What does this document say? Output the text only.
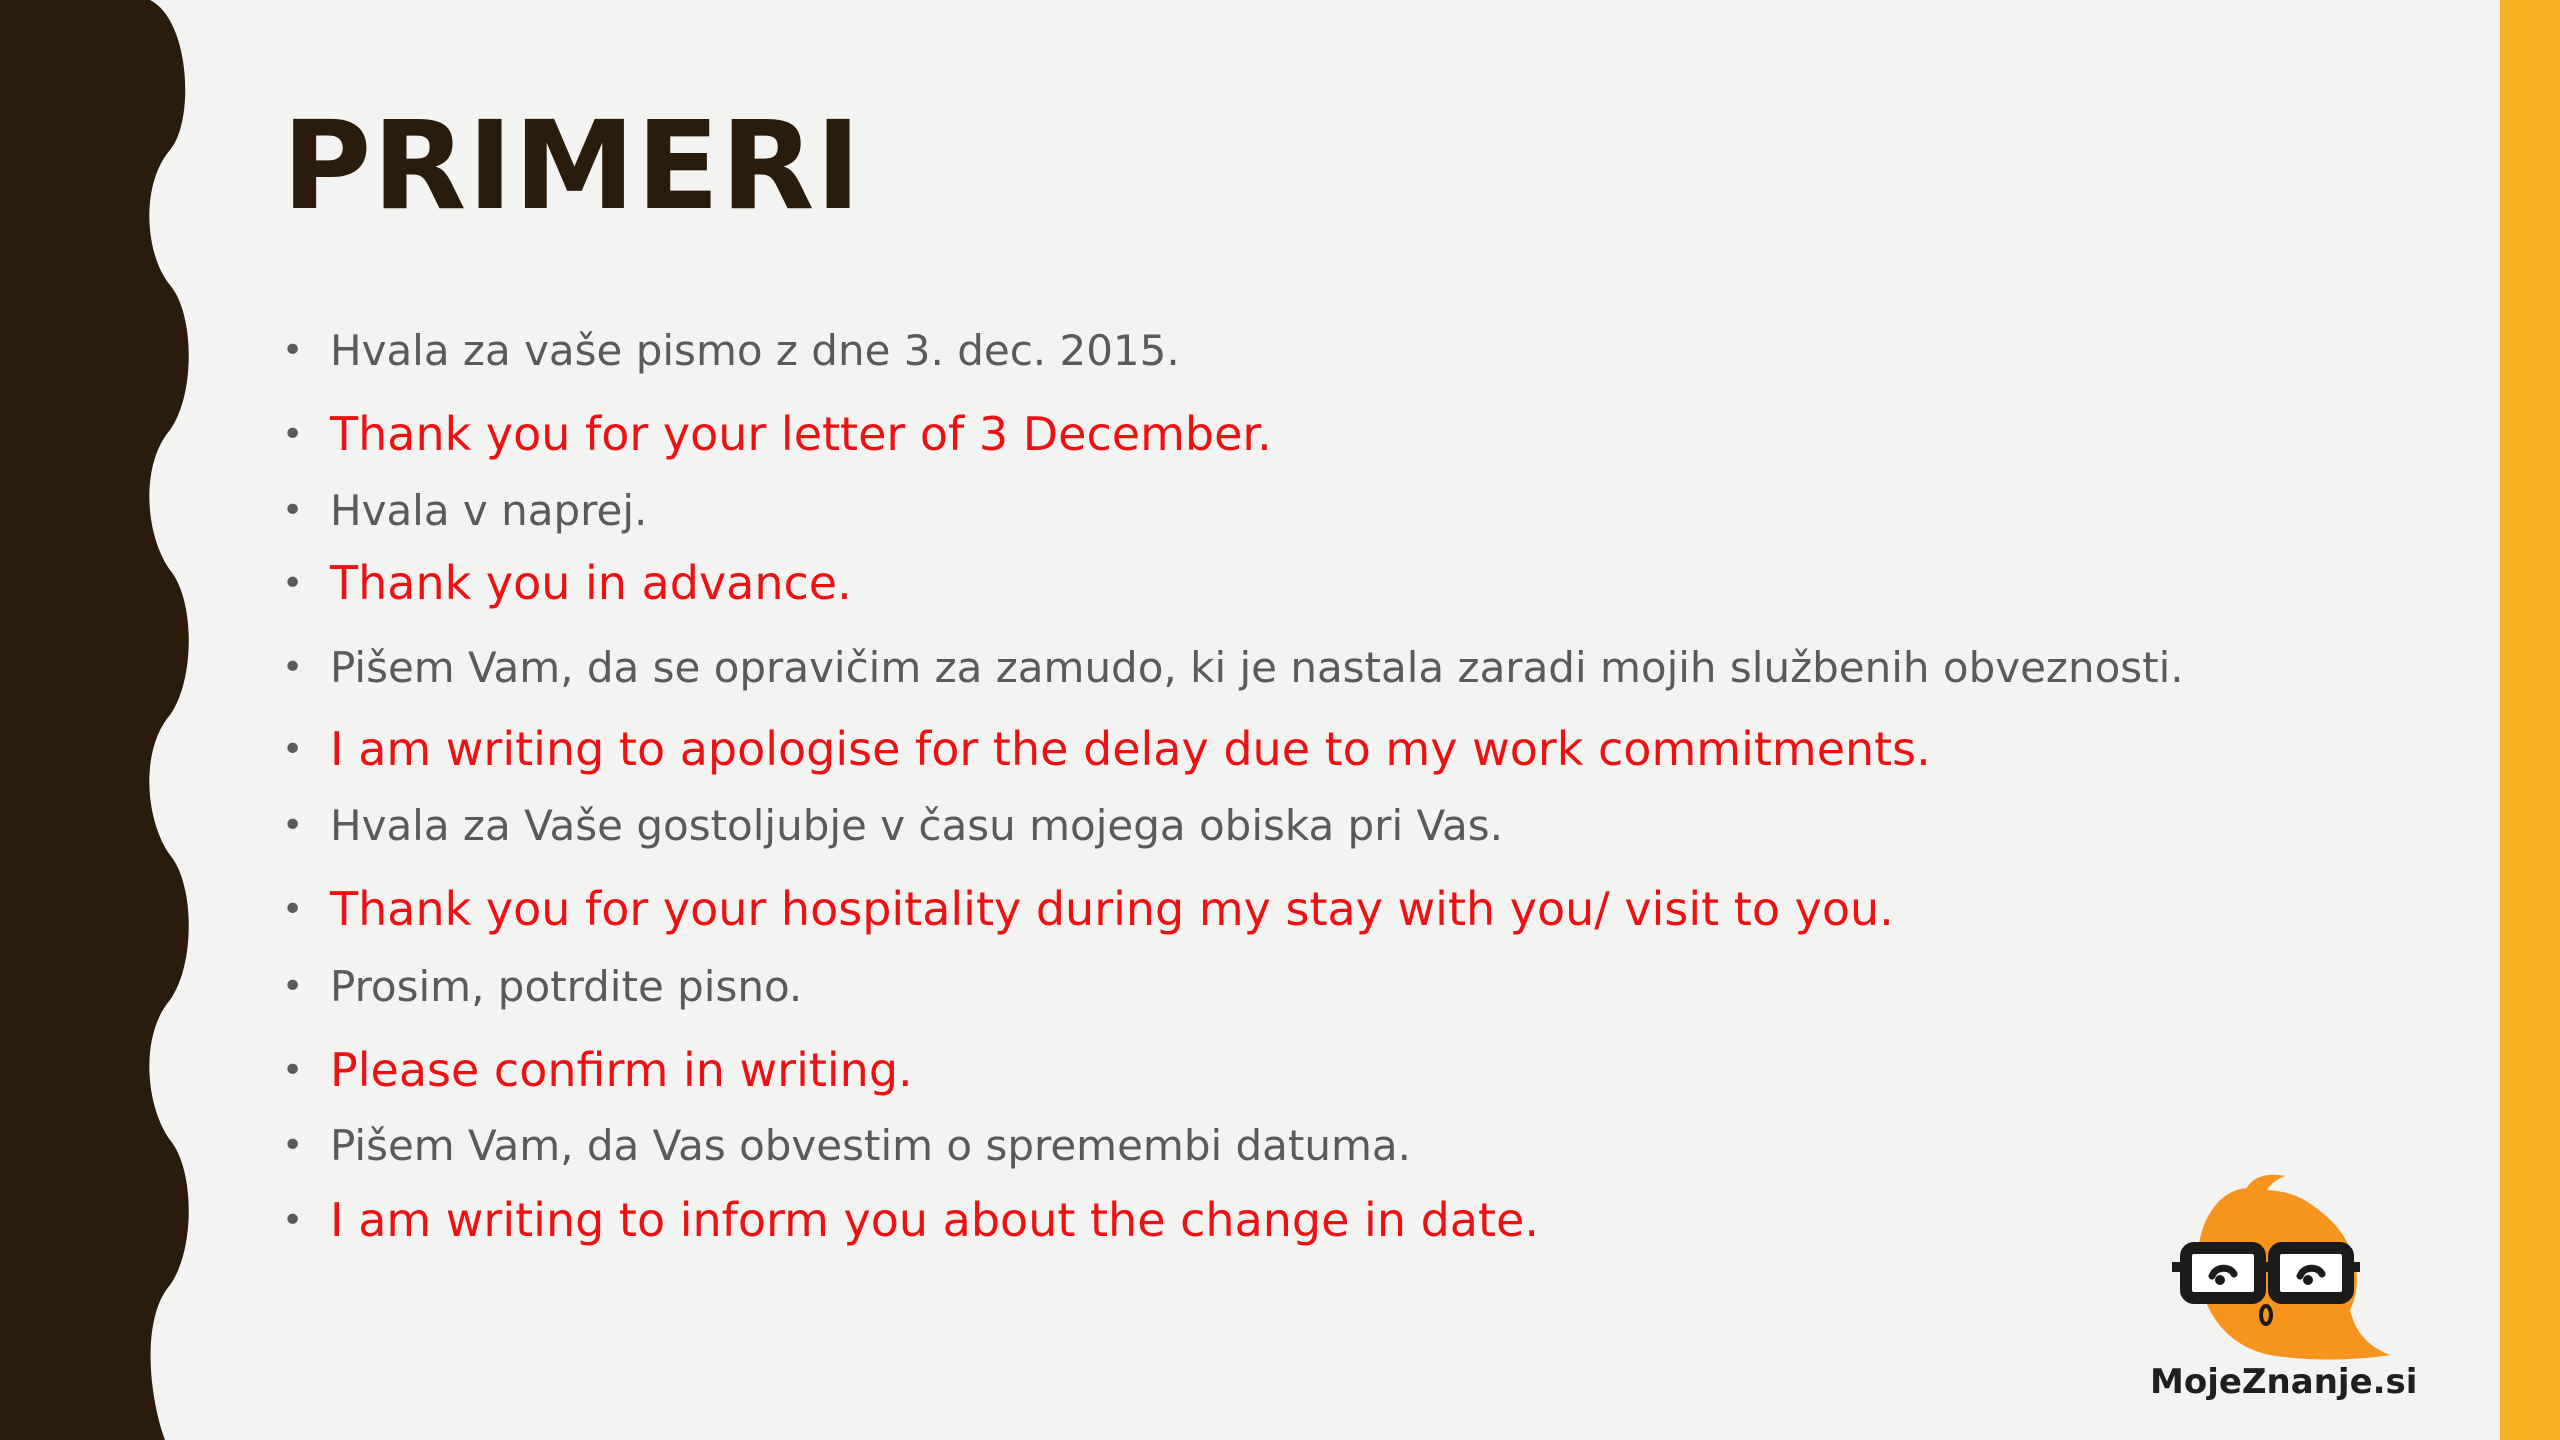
PRIMERI
• Hvala za vaše pismo z dne 3. dec. 2015.
• Thank you for your letter of 3 December.
• Hvala v naprej.
• Thank you in advance.
• Pišem Vam, da se opravičim za zamudo, ki je nastala zaradi mojih službenih obveznosti.
• I am writing to apologise for the delay due to my work commitments.
• Hvala za Vaše gostoljubje v času mojega obiska pri Vas.
• Thank you for your hospitality during my stay with you/ visit to you.
• Prosim, potrdite pisno.
• Please confirm in writing.
• Pišem Vam, da Vas obvestim o spremembi datuma.
• I am writing to inform you about the change in date.
MojeZnanje.si
